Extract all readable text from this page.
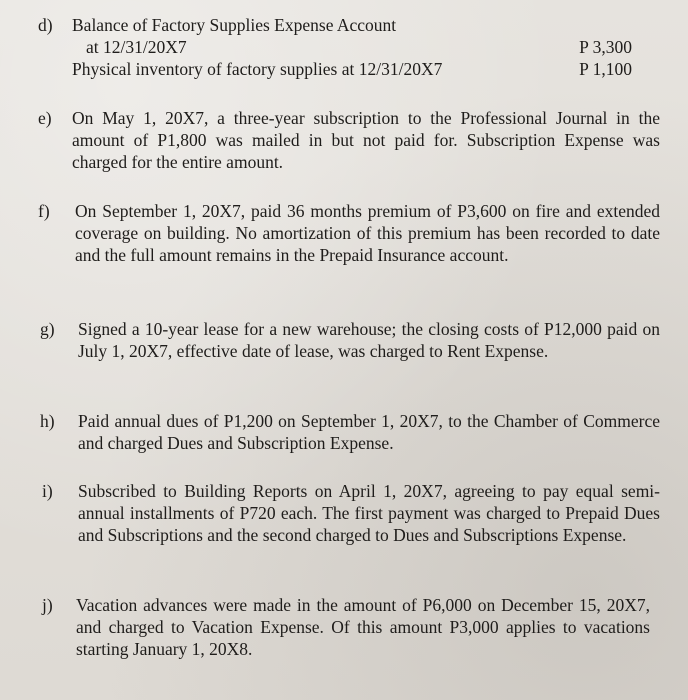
d) Balance of Factory Supplies Expense Account
at 12/31/20X7	P 3,300
Physical inventory of factory supplies at 12/31/20X7	P 1,100
e) On May 1, 20X7, a three-year subscription to the Professional Journal in the amount of P1,800 was mailed in but not paid for. Subscription Expense was charged for the entire amount.
f) On September 1, 20X7, paid 36 months premium of P3,600 on fire and extended coverage on building. No amortization of this premium has been recorded to date and the full amount remains in the Prepaid Insurance account.
g) Signed a 10-year lease for a new warehouse; the closing costs of P12,000 paid on July 1, 20X7, effective date of lease, was charged to Rent Expense.
h) Paid annual dues of P1,200 on September 1, 20X7, to the Chamber of Commerce and charged Dues and Subscription Expense.
i) Subscribed to Building Reports on April 1, 20X7, agreeing to pay equal semi-annual installments of P720 each. The first payment was charged to Prepaid Dues and Subscriptions and the second charged to Dues and Subscriptions Expense.
j) Vacation advances were made in the amount of P6,000 on December 15, 20X7, and charged to Vacation Expense. Of this amount P3,000 applies to vacations starting January 1, 20X8.
